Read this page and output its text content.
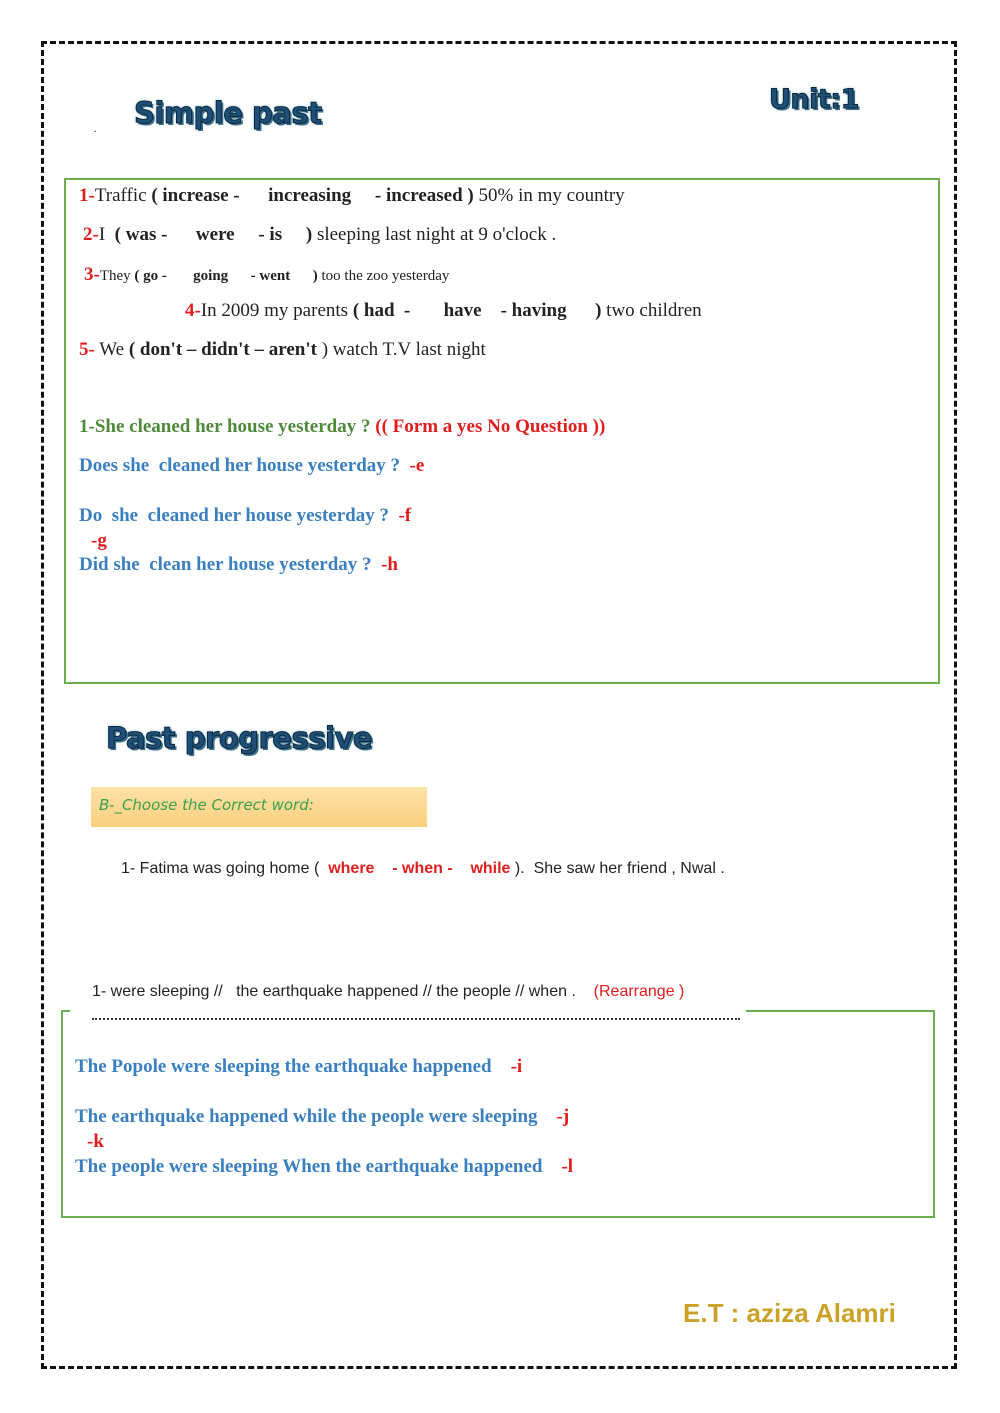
Simple past
.
Unit:1
1-Traffic ( increase -      increasing     - increased ) 50% in my country
2-I  ( was -      were     - is     ) sleeping last night at 9 o'clock .
3-They ( go -       going      - went      ) too the zoo yesterday
4-In 2009 my parents ( had  -       have    - having      ) two children
5- We ( don't – didn't – aren't ) watch T.V last night
1-She cleaned her house yesterday ? (( Form a yes No Question ))
Does she  cleaned her house yesterday ?  -e
Do  she  cleaned her house yesterday ?  -f
-g
Did she  clean her house yesterday ?  -h
Past progressive
B-_Choose the Correct word:
1- Fatima was going home (  where    - when -    while ).  She saw her friend , Nwal .
1- were sleeping //   the earthquake happened // the people // when .    (Rearrange )
The Popole were sleeping the earthquake happened    -i
The earthquake happened while the people were sleeping    -j
-k
The people were sleeping When the earthquake happened    -l
E.T : aziza Alamri
